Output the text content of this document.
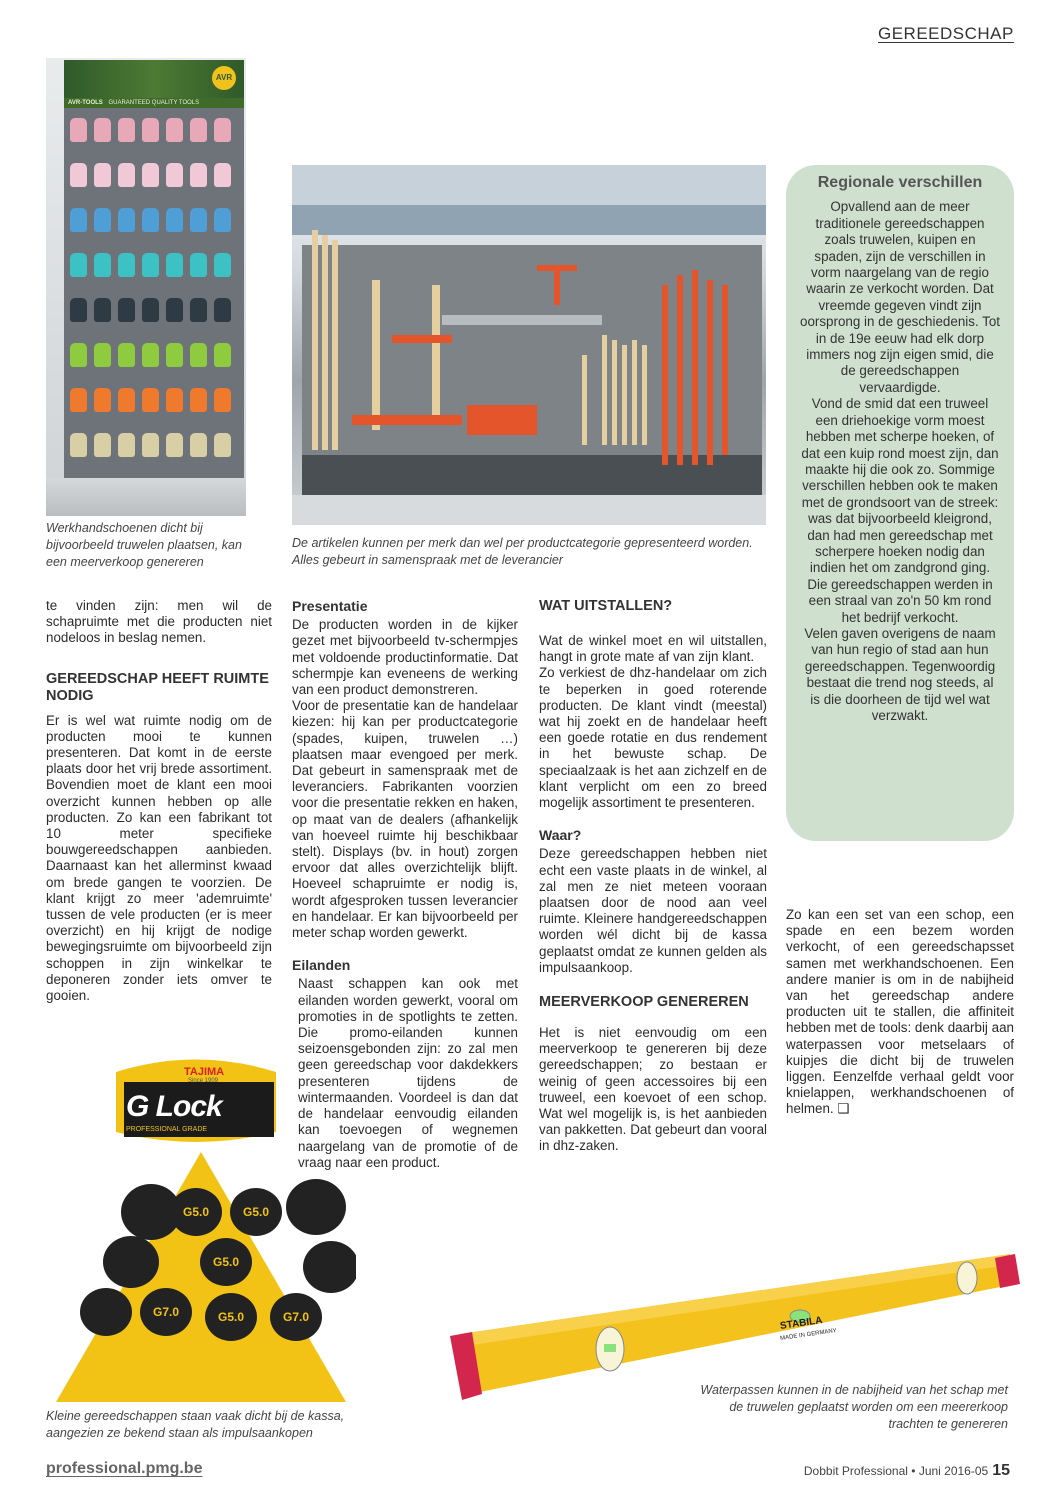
GEREEDSCHAP
AVR
AVR-TOOLS GUARANTEED QUALITY TOOLS
Werkhandschoenen dicht bij bijvoorbeeld truwelen plaatsen, kan een meerverkoop genereren
De artikelen kunnen per merk dan wel per productcategorie gepresenteerd worden. Alles gebeurt in samenspraak met de leverancier

te vinden zijn: men wil de schapruimte met die producten niet nodeloos in beslag nemen.

GEREEDSCHAP HEEFT RUIMTE NODIG

Er is wel wat ruimte nodig om de producten mooi te kunnen presenteren. Dat komt in de eerste plaats door het vrij brede assortiment. Bovendien moet de klant een mooi overzicht kunnen hebben op alle producten. Zo kan een fabrikant tot 10 meter specifieke bouwgereedschappen aanbieden. Daarnaast kan het allerminst kwaad om brede gangen te voorzien. De klant krijgt zo meer 'ademruimte' tussen de vele producten (er is meer overzicht) en hij krijgt de nodige bewegingsruimte om bijvoorbeeld zijn schoppen in zijn winkelkar te deponeren zonder iets omver te gooien.

Presentatie

De producten worden in de kijker gezet met bijvoorbeeld tv-schermpjes met voldoende productinformatie. Dat schermpje kan eveneens de werking van een product demonstreren.

Voor de presentatie kan de handelaar kiezen: hij kan per productcategorie (spades, kuipen, truwelen …) plaatsen maar evengoed per merk. Dat gebeurt in samenspraak met de leveranciers. Fabrikanten voorzien voor die presentatie rekken en haken, op maat van de dealers (afhankelijk van hoeveel ruimte hij beschikbaar stelt). Displays (bv. in hout) zorgen ervoor dat alles overzichtelijk blijft. Hoeveel schapruimte er nodig is, wordt afgesproken tussen leverancier en handelaar. Er kan bijvoorbeeld per meter schap worden gewerkt.

Eilanden

Naast schappen kan ook met eilanden worden gewerkt, vooral om promoties in de spotlights te zetten. Die promo-eilanden kunnen seizoensgebonden zijn: zo zal men geen gereedschap voor dakdekkers presenteren tijdens de wintermaanden. Voordeel is dan dat de handelaar eenvoudig eilanden kan toevoegen of wegnemen naargelang van de promotie of de vraag naar een product.

WAT UITSTALLEN?

Wat de winkel moet en wil uitstallen, hangt in grote mate af van zijn klant.

Zo verkiest de dhz-handelaar om zich te beperken in goed roterende producten. De klant vindt (meestal) wat hij zoekt en de handelaar heeft een goede rotatie en dus rendement in het bewuste schap. De speciaalzaak is het aan zichzelf en de klant verplicht om een zo breed mogelijk assortiment te presenteren.

Waar?

Deze gereedschappen hebben niet echt een vaste plaats in de winkel, al zal men ze niet meteen vooraan plaatsen door de nood aan veel ruimte. Kleinere handgereedschappen worden wél dicht bij de kassa geplaatst omdat ze kunnen gelden als impulsaankoop.

MEERVERKOOP GENEREREN

Het is niet eenvoudig om een meerverkoop te genereren bij deze gereedschappen; zo bestaan er weinig of geen accessoires bij een truweel, een koevoet of een schop. Wat wel mogelijk is, is het aanbieden van pakketten. Dat gebeurt dan vooral in dhz-zaken.

Regionale verschillen

Opvallend aan de meer traditionele gereedschappen zoals truwelen, kuipen en spaden, zijn de verschillen in vorm naargelang van de regio waarin ze verkocht worden. Dat vreemde gegeven vindt zijn oorsprong in de geschiedenis. Tot in de 19e eeuw had elk dorp immers nog zijn eigen smid, die de gereedschappen vervaardigde.

Vond de smid dat een truweel een driehoekige vorm moest hebben met scherpe hoeken, of dat een kuip rond moest zijn, dan maakte hij die ook zo. Sommige verschillen hebben ook te maken met de grondsoort van de streek: was dat bijvoorbeeld kleigrond, dan had men gereedschap met scherpere hoeken nodig dan indien het om zandgrond ging. Die gereedschappen werden in een straal van zo'n 50 km rond het bedrijf verkocht.

Velen gaven overigens de naam van hun regio of stad aan hun gereedschappen. Tegenwoordig bestaat die trend nog steeds, al is die doorheen de tijd wel wat verzwakt.

Zo kan een set van een schop, een spade en een bezem worden verkocht, of een gereedschapsset samen met werkhandschoenen. Een andere manier is om in de nabijheid van het gereedschap andere producten uit te stallen, die affiniteit hebben met de tools: denk daarbij aan waterpassen voor metselaars of kuipjes die dicht bij de truwelen liggen. Eenzelfde verhaal geldt voor knielappen, werkhandschoenen of helmen. ❑

TAJIMA
Since 1909
G Lock
PROFESSIONAL GRADE
G5.0	G5.0
G5.0
G7.0	G5.0	G7.0
Kleine gereedschappen staan vaak dicht bij de kassa, aangezien ze bekend staan als impulsaankopen
STABILA
MADE IN GERMANY
Waterpassen kunnen in de nabijheid van het schap met de truwelen geplaatst worden om een meererkoop trachten te genereren
professional.pmg.be	Dobbit Professional • Juni 2016-05 15
